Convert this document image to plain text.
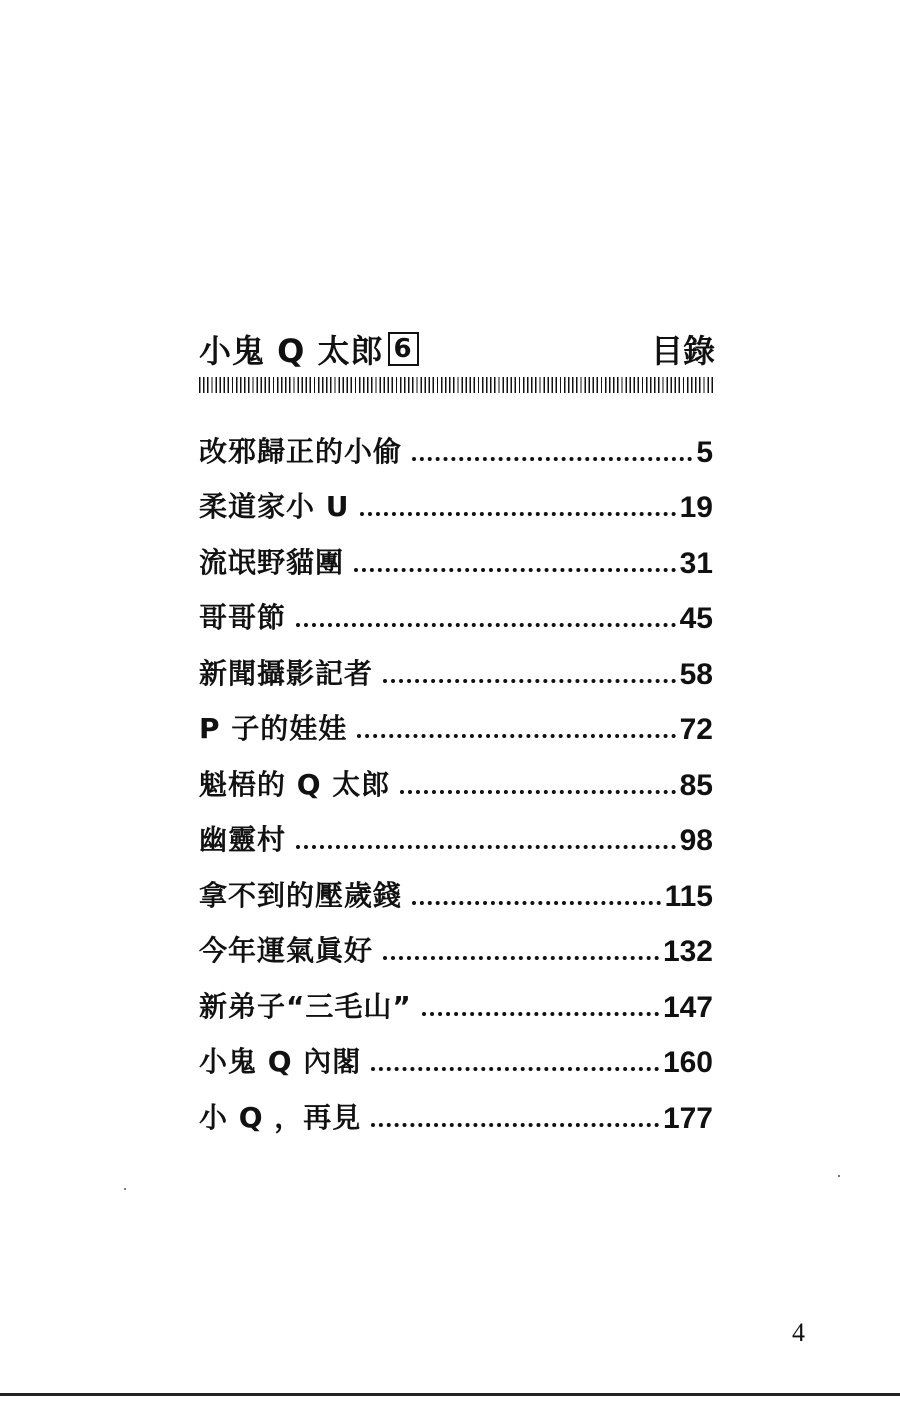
小鬼 Q 太郎 6	目錄
改邪歸正的小偷	5
柔道家小 U	19
流氓野貓團	31
哥哥節	45
新聞攝影記者	58
P 子的娃娃	72
魁梧的 Q 太郎	85
幽靈村	98
拿不到的壓歲錢	115
今年運氣眞好	132
新弟子“三毛山”	147
小鬼 Q 內閣	160
小 Q ，再見	177
4
